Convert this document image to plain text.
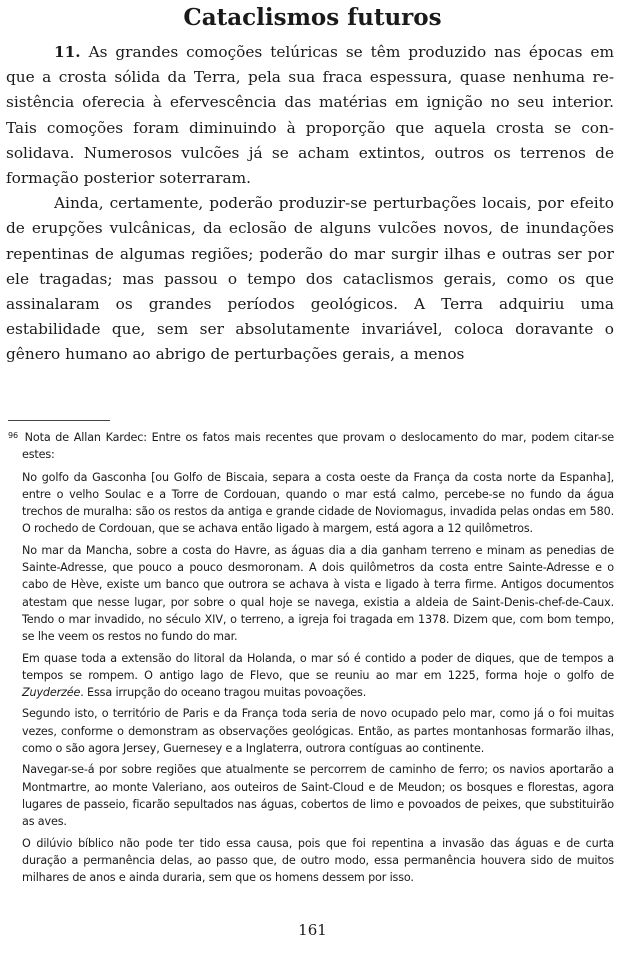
Cataclismos futuros

11. As grandes comoções telúricas se têm produzido nas épocas em que a crosta sólida da Terra, pela sua fraca espessura, quase nenhuma resistência oferecia à efervescência das matérias em ignição no seu interior. Tais comoções foram diminuindo à proporção que aquela crosta se consolidava. Numerosos vulcões já se acham extintos, outros os terrenos de formação posterior soterraram.

Ainda, certamente, poderão produzir-se perturbações locais, por efeito de erupções vulcânicas, da eclosão de alguns vulcões novos, de inundações repentinas de algumas regiões; poderão do mar surgir ilhas e outras ser por ele tragadas; mas passou o tempo dos cataclismos gerais, como os que assinalaram os grandes períodos geológicos. A Terra adquiriu uma estabilidade que, sem ser absolutamente invariável, coloca doravante o gênero humano ao abrigo de perturbações gerais, a menos

$^{96}$ Nota de Allan Kardec: Entre os fatos mais recentes que provam o deslocamento do mar, podem citar-se estes:

No golfo da Gasconha [ou Golfo de Biscaia, separa a costa oeste da França da costa norte da Espanha], entre o velho Soulac e a Torre de Cordouan, quando o mar está calmo, percebe-se no fundo da água trechos de muralha: são os restos da antiga e grande cidade de Noviomagus, invadida pelas ondas em 580. O rochedo de Cordouan, que se achava então ligado à margem, está agora a 12 quilômetros.

No mar da Mancha, sobre a costa do Havre, as águas dia a dia ganham terreno e minam as penedias de Sainte-Adresse, que pouco a pouco desmoronam. A dois quilômetros da costa entre Sainte-Adresse e o cabo de Hève, existe um banco que outrora se achava à vista e ligado à terra firme. Antigos documentos atestam que nesse lugar, por sobre o qual hoje se navega, existia a aldeia de Saint-Denis-chef-de-Caux. Tendo o mar invadido, no século XIV, o terreno, a igreja foi tragada em 1378. Dizem que, com bom tempo, se lhe veem os restos no fundo do mar.

Em quase toda a extensão do litoral da Holanda, o mar só é contido a poder de diques, que de tempos a tempos se rompem. O antigo lago de Flevo, que se reuniu ao mar em 1225, forma hoje o golfo de Zuyderzée. Essa irrupção do oceano tragou muitas povoações.

Segundo isto, o território de Paris e da França toda seria de novo ocupado pelo mar, como já o foi muitas vezes, conforme o demonstram as observações geológicas. Então, as partes montanhosas formarão ilhas, como o são agora Jersey, Guernesey e a Inglaterra, outrora contíguas ao continente.

Navegar-se-á por sobre regiões que atualmente se percorrem de caminho de ferro; os navios aportarão a Montmartre, ao monte Valeriano, aos outeiros de Saint-Cloud e de Meudon; os bosques e florestas, agora lugares de passeio, ficarão sepultados nas águas, cobertos de limo e povoados de peixes, que substituirão as aves.

O dilúvio bíblico não pode ter tido essa causa, pois que foi repentina a invasão das águas e de curta duração a permanência delas, ao passo que, de outro modo, essa permanência houvera sido de muitos milhares de anos e ainda duraria, sem que os homens dessem por isso.

161
